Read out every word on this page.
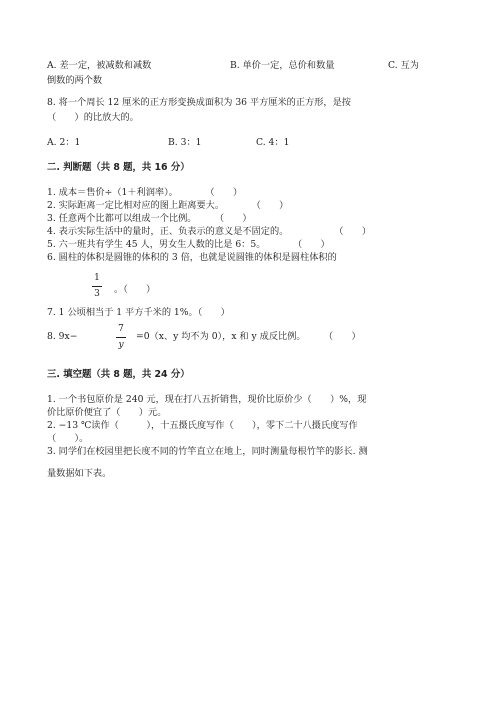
A. 差一定，被减数和减数	B. 单价一定，总价和数量	C. 互为
倒数的两个数
8. 将一个周长 12 厘米的正方形变换成面积为 36 平方厘米的正方形，是按
（　　）的比放大的。
A. 2：1	B. 3：1	C. 4：1
二. 判断题（共 8 题，共 16 分）
1. 成本＝售价÷（1＋利润率）。　　　　（　　）
2. 实际距离一定比相对应的图上距离要大。　　　　（　　）
3. 任意两个比都可以组成一个比例。　　　（　　）
4. 表示实际生活中的量时，正、负表示的意义是不固定的。　　　　　　（　　）
5. 六一班共有学生 45 人，男女生人数的比是 6：5。　　　　（　　）
6. 圆柱的体积是圆锥的体积的 3 倍，也就是说圆锥的体积是圆柱体积的
1
3 。（　　）
7. 1 公顷相当于 1 平方千米的 1%。（　　）
8. 9x−
7
y
=0（x、y 均不为 0），x 和 y 成反比例。　　　（　　）
三. 填空题（共 8 题，共 24 分）
1. 一个书包原价是 240 元，现在打八五折销售，现价比原价少（　　）%，现
价比原价便宜了（　　）元。
2. −13 ℃读作（　　　），十五摄氏度写作（　　），零下二十八摄氏度写作
（　　）。
3. 同学们在校园里把长度不同的竹竿直立在地上，同时测量每根竹竿的影长. 测
量数据如下表。
